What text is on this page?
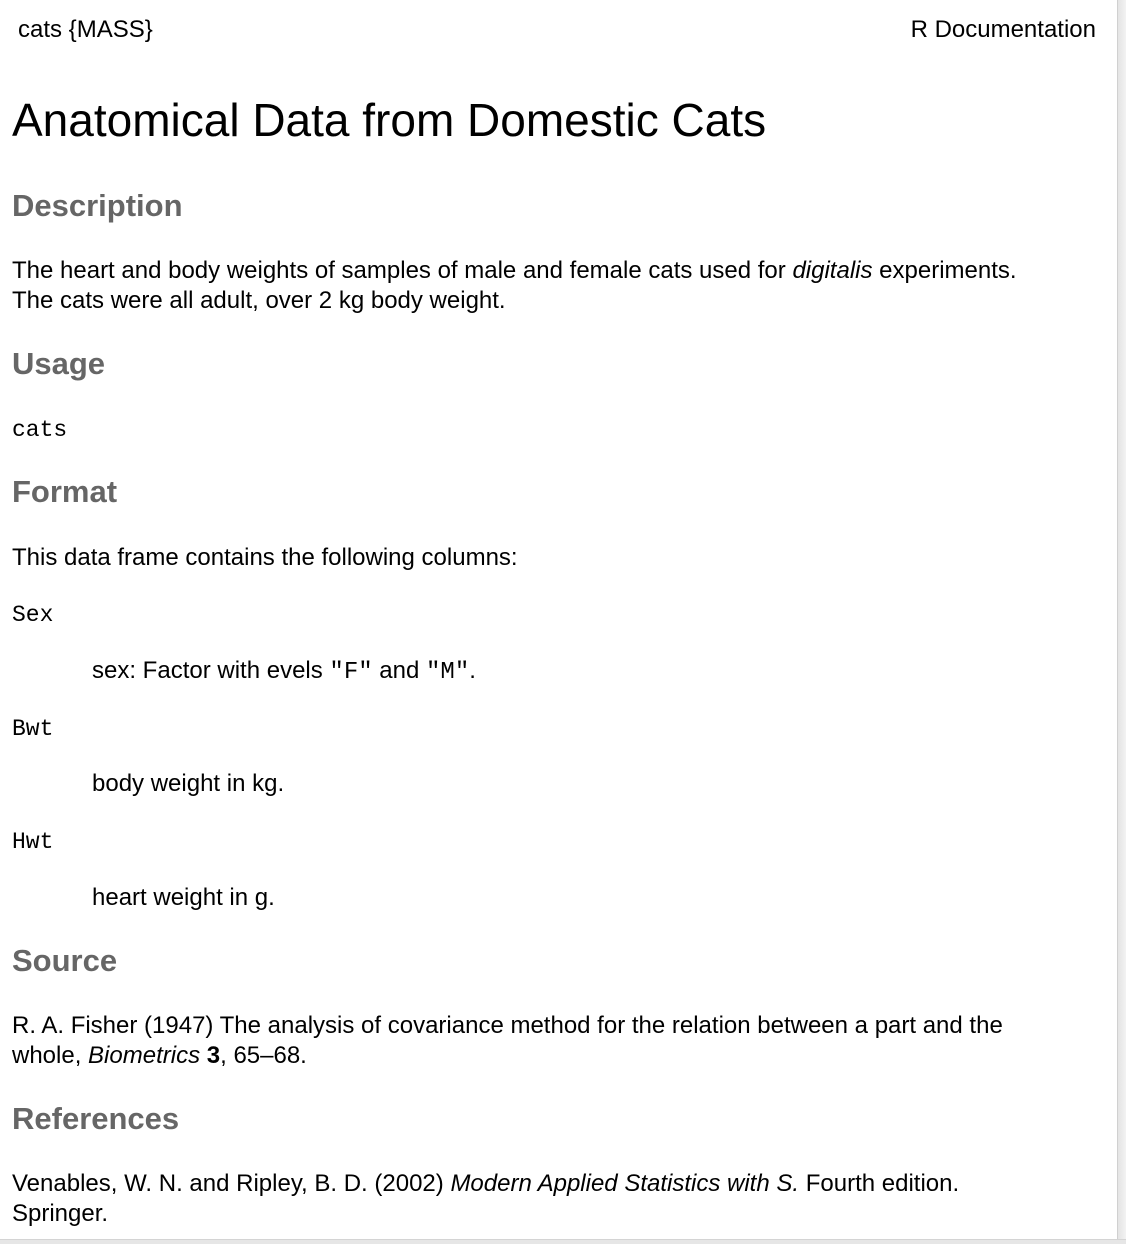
cats {MASS}	R Documentation
Anatomical Data from Domestic Cats
Description

The heart and body weights of samples of male and female cats used for digitalis experiments.
The cats were all adult, over 2 kg body weight.

Usage
cats
Format

This data frame contains the following columns:

Sex
sex: Factor with evels "F" and "M".
Bwt
body weight in kg.
Hwt
heart weight in g.
Source

R. A. Fisher (1947) The analysis of covariance method for the relation between a part and the
whole, Biometrics 3, 65–68.

References

Venables, W. N. and Ripley, B. D. (2002) Modern Applied Statistics with S. Fourth edition.
Springer.
